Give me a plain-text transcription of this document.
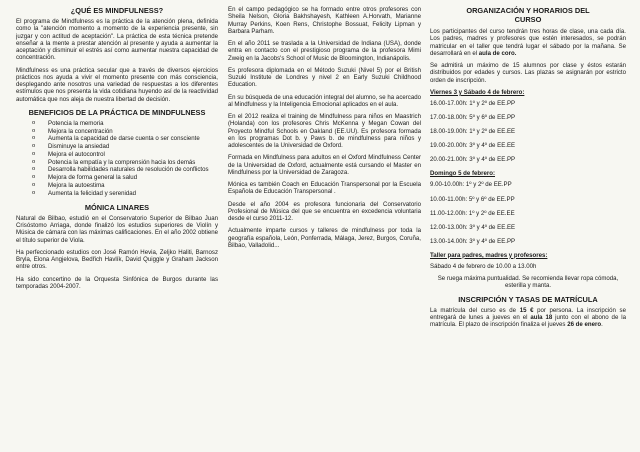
¿QUÉ ES MINDFULNESS?

El programa de Mindfulness es la práctica de la atención plena, definida como la "atención momento a momento de la experiencia presente, sin juzgar y con actitud de aceptación". La práctica de esta técnica pretende enseñar a la mente a prestar atención al presente y ayuda a aumentar la aceptación y disminuir el estrés así como aumentar nuestra capacidad de concentración.

Mindfulness es una práctica secular que a través de diversos ejercicios prácticos nos ayuda a vivir el momento presente con más consciencia, desplegando ante nosotros una variedad de respuestas a los diferentes estímulos que nos presenta la vida cotidiana huyendo así de la reactividad automática que nos aleja de nuestra libertad de decisión.

BENEFICIOS DE LA PRÁCTICA DE MINDFULNESS
o Potencia la memoria
o Mejora la concentración
o Aumenta la capacidad de darse cuenta o ser consciente
o Disminuye la ansiedad
o Mejora el autocontrol
o Potencia la empatía y la comprensión hacia los demás
o Desarrolla habilidades naturales de resolución de conflictos
o Mejora de forma general la salud
o Mejora la autoestima
o Aumenta la felicidad y serenidad
MÓNICA LINARES

Natural de Bilbao, estudió en el Conservatorio Superior de Bilbao Juan Crisóstomo Arriaga, donde finalizó los estudios superiores de Violín y Música de cámara con las máximas calificaciones. En el año 2002 obtiene el título superior de Viola.

Ha perfeccionado estudios con José Ramón Hevia, Zeljko Haliti, Barnosz Bryla, Elona Angjelova, Bedřich Havlík, David Quiggle y Graham Jackson entre otros.

Ha sido concertino de la Orquesta Sinfónica de Burgos durante las temporadas 2004-2007.

En el campo pedagógico se ha formado entre otros profesores con Sheila Nelson, Gloria Bakhshayesh, Kathleen A.Horvath, Marianne Murray Perkins, Koen Rens, Christophe Bossuat, Felicity Lipman y Barbara Parham.

En el año 2011 se traslada a la Universidad de Indiana (USA), donde entra en contacto con el prestigioso programa de la profesora Mimi Zweig en la Jacobs's School of Music de Bloomington, Indianápolis.

Es profesora diplomada en el Método Suzuki (Nivel 5) por el British Suzuki Institute de Londres y nivel 2 en Early Suzuki Childhood Education.

En su búsqueda de una educación integral del alumno, se ha acercado al Mindfulness y la Inteligencia Emocional aplicados en el aula.

En el 2012 realiza el training de Mindfulness para niños en Maastrich (Holanda) con los profesores Chris McKenna y Megan Cowan del Proyecto Mindful Schools en Oakland (EE.UU). Es profesora formada en los programas Dot b. y Paws b. de mindfulness para niños y adolescentes de la Universidad de Oxford.

Formada en Mindfulness para adultos en el Oxford Mindfulness Center de la Universidad de Oxford, actualmente está cursando el Master en Mindfulness por la Universidad de Zaragoza.

Mónica es también Coach en Educación Transpersonal por la Escuela Española de Educación Transpersonal .

Desde el año 2004 es profesora funcionaria del Conservatorio Profesional de Música del que se encuentra en excedencia voluntaria desde el curso 2011-12.

Actualmente imparte cursos y talleres de mindfulness por toda la geografía española, León, Ponferrada, Málaga, Jerez, Burgos, Coruña, Bilbao, Valladolid...

ORGANIZACIÓN Y HORARIOS DEL
CURSO

Los participantes del curso tendrán tres horas de clase, una cada día. Los padres, madres y profesores que estén interesados, se podrán matricular en el taller que tendrá lugar el sábado por la mañana. Se desarrollará en el aula de coro.

Se admitirá un máximo de 15 alumnos por clase y éstos estarán distribuidos por edades y cursos. Las plazas se asignarán por estricto orden de inscripción.

Viernes 3 y Sábado 4 de febrero:
16.00-17.00h: 1º y 2º de EE.PP
17.00-18.00h: 5º y 6º de EE.PP
18.00-19.00h: 1º y 2º de EE.EE
19.00-20.00h: 3º y 4º de EE.EE
20.00-21.00h: 3º y 4º de EE.PP
Domingo 5 de febrero:
9.00-10.00h: 1º y 2º de EE.PP
10.00-11.00h: 5º y 6º de EE.PP
11.00-12.00h: 1º y 2º de EE.EE
12.00-13.00h: 3º y 4º de EE.EE
13.00-14.00h: 3º y 4º de EE.PP
Taller para padres, madres y profesores:

Sábado 4 de febrero de 10.00 a 13.00h

Se ruega máxima puntualidad. Se recomienda llevar ropa cómoda, esterilla y manta.

INSCRIPCIÓN Y TASAS DE MATRÍCULA

La matrícula del curso es de 15 € por persona. La inscripción se entregará de lunes a jueves en el aula 18 junto con el abono de la matrícula. El plazo de inscripción finaliza el jueves 26 de enero.
